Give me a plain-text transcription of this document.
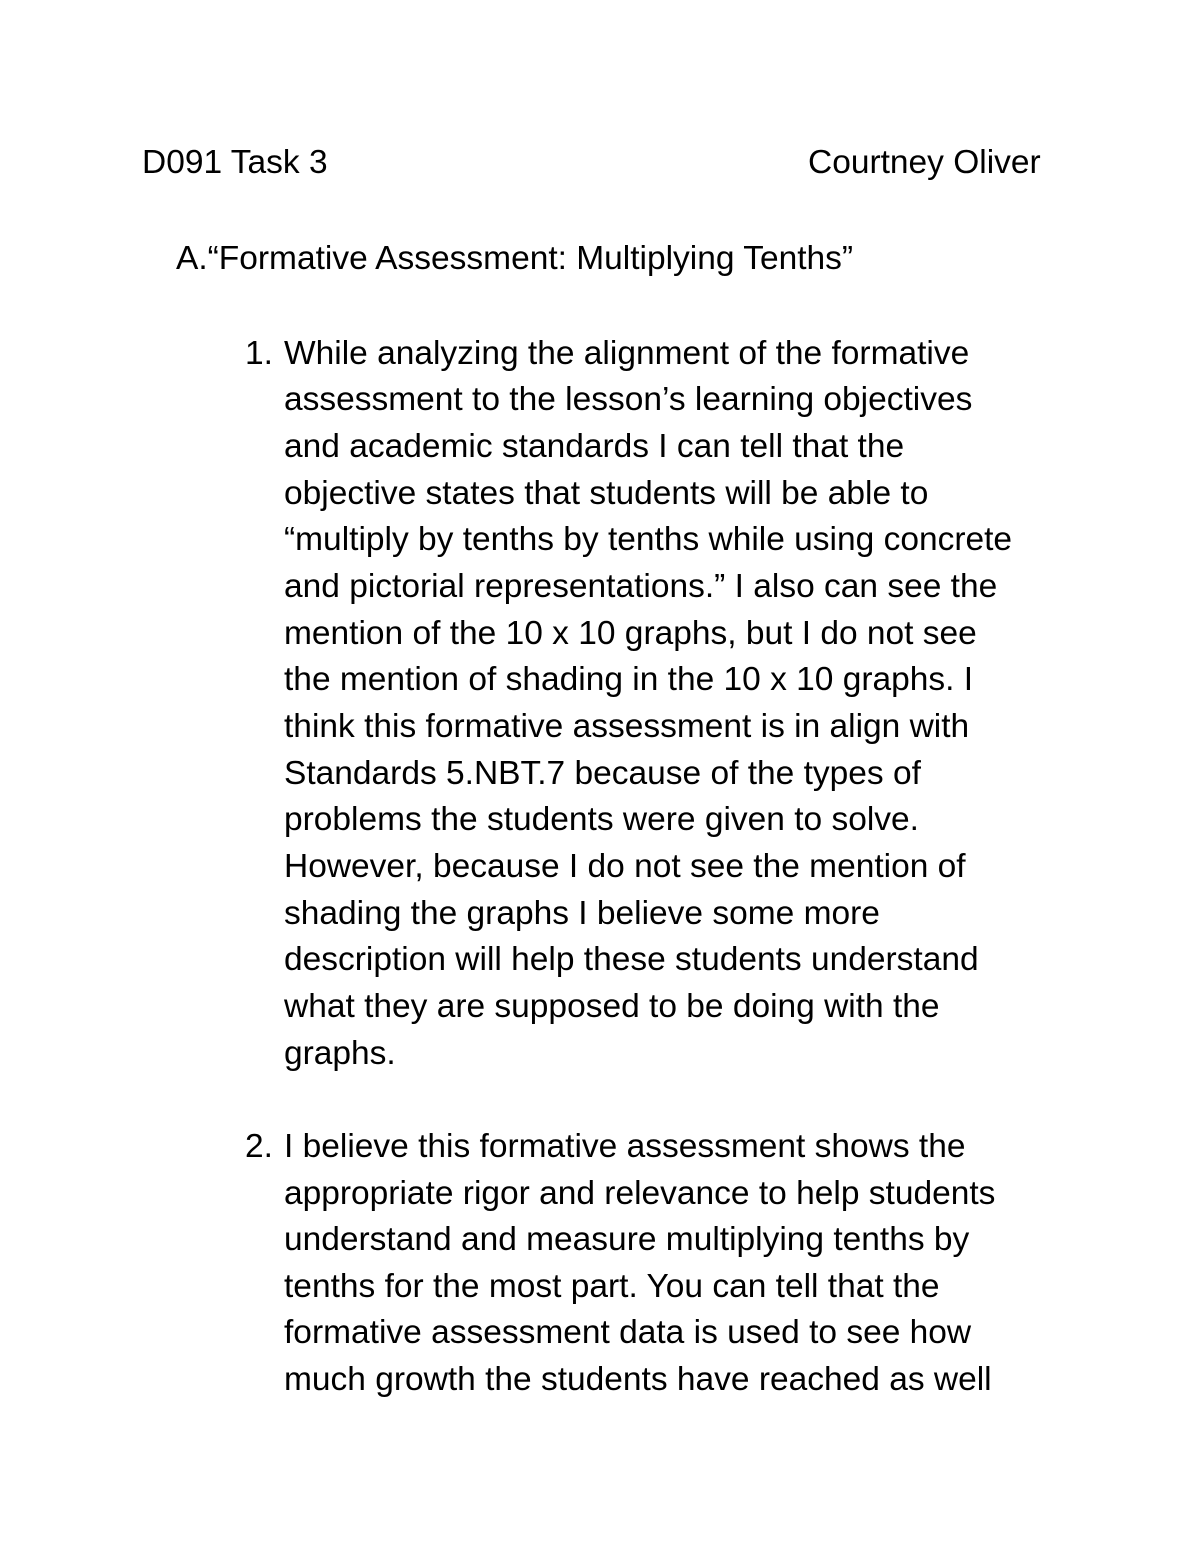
D091 Task 3	Courtney Oliver
A.“Formative Assessment: Multiplying Tenths”
1. While analyzing the alignment of the formative
assessment to the lesson’s learning objectives
and academic standards I can tell that the
objective states that students will be able to
“multiply by tenths by tenths while using concrete
and pictorial representations.” I also can see the
mention of the 10 x 10 graphs, but I do not see
the mention of shading in the 10 x 10 graphs. I
think this formative assessment is in align with
Standards 5.NBT.7 because of the types of
problems the students were given to solve.
However, because I do not see the mention of
shading the graphs I believe some more
description will help these students understand
what they are supposed to be doing with the
graphs.
2. I believe this formative assessment shows the
appropriate rigor and relevance to help students
understand and measure multiplying tenths by
tenths for the most part. You can tell that the
formative assessment data is used to see how
much growth the students have reached as well
